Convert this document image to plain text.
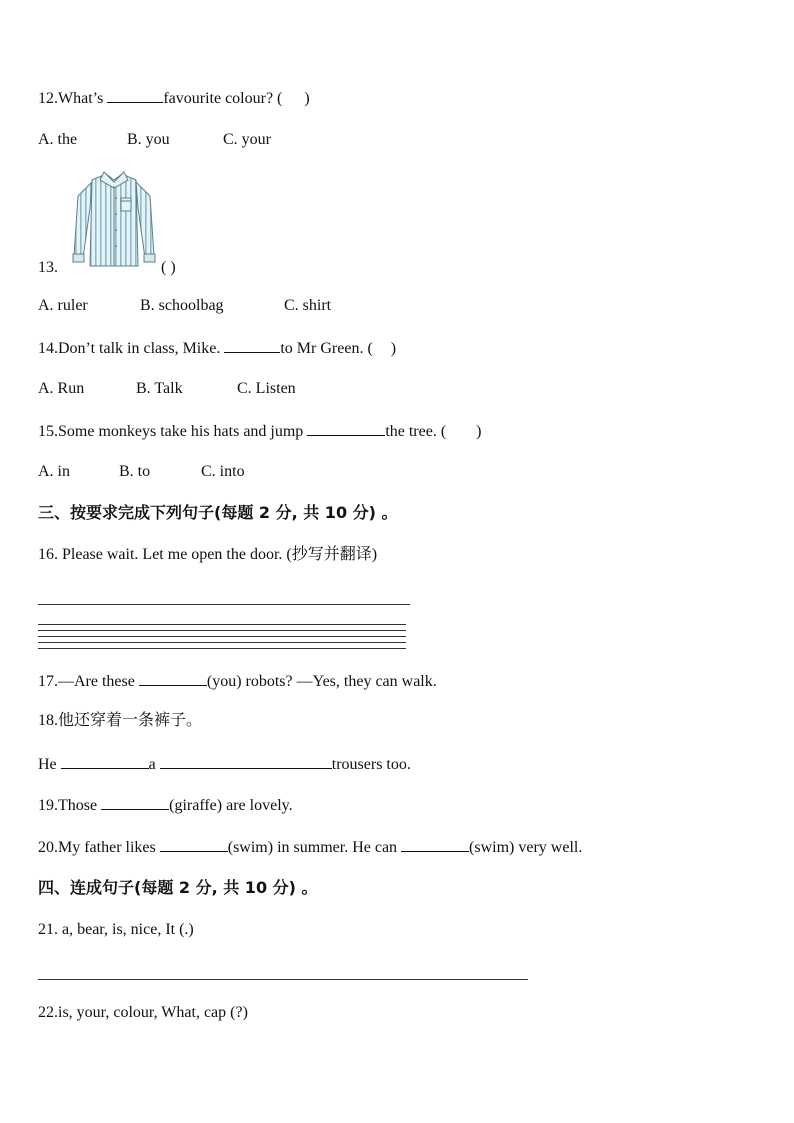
12.What’s	favourite colour? ( )
A. the	B. you	C. your
13.	( )
A. ruler	B. schoolbag	C. shirt
14.Don’t talk in class, Mike.	to Mr Green. ( )
A. Run	B. Talk	C. Listen
15.Some monkeys take his hats and jump	the tree. ( )
A. in	B. to	C. into
三、按要求完成下列句子(每题 2 分, 共 10 分) 。
16. Please wait. Let me open the door. (抄写并翻译)
17.—Are these	(you) robots? —Yes, they can walk.
18.他还穿着一条裤子。
He	a	trousers too.
19.Those	(giraffe) are lovely.
20.My father likes	(swim) in summer. He can	(swim) very well.
四、连成句子(每题 2 分, 共 10 分) 。
21. a, bear, is, nice, It (.)
22.is, your, colour, What, cap (?)
